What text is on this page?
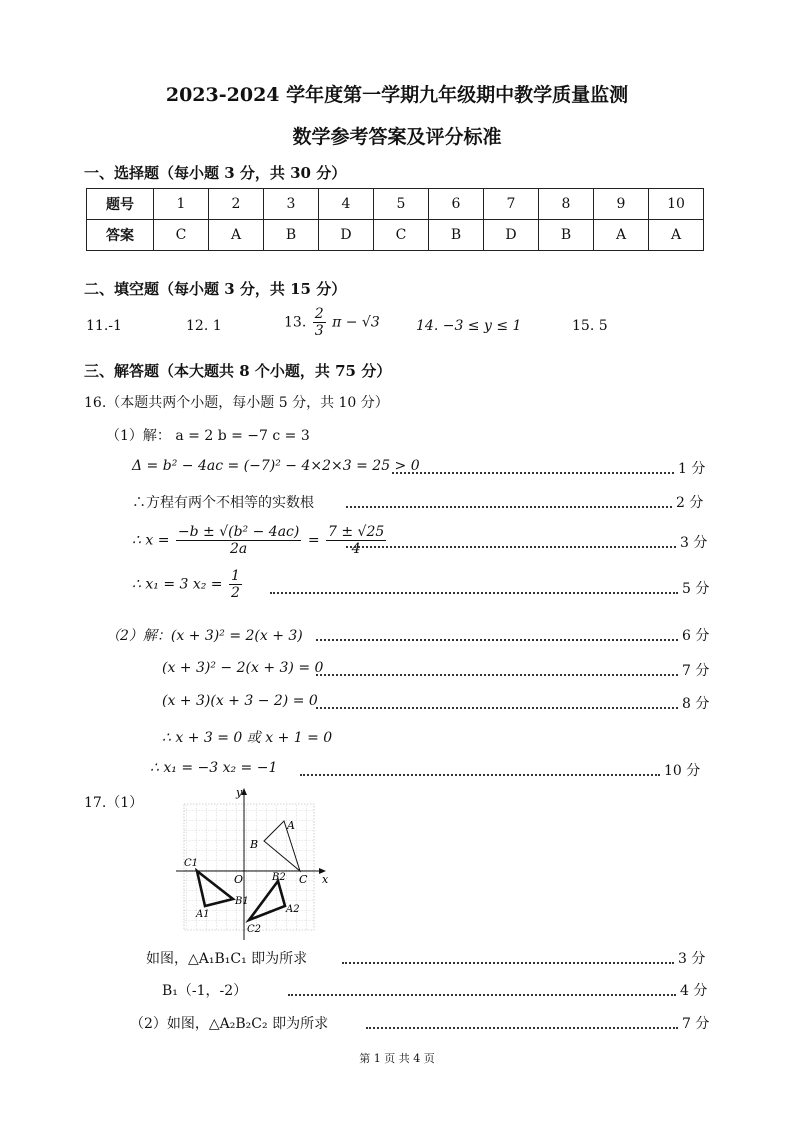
2023-2024 学年度第一学期九年级期中教学质量监测
数学参考答案及评分标准
一、选择题（每小题 3 分，共 30 分）
题号	1	2	3	4	5	6	7	8	9	10
答案	C	A	B	D	C	B	D	B	A	A
二、填空题（每小题 3 分，共 15 分）
11.-1	12. 1	13. $\frac{2}{3}$ π − √3	14. −3 ≤ y ≤ 1	15. 5
三、解答题（本大题共 8 个小题，共 75 分）
16.（本题共两个小题，每小题 5 分，共 10 分）
（1）解： a = 2 b = −7 c = 3
Δ = b² − 4ac = (−7)² − 4×2×3 = 25 > 0	1 分
∴方程有两个不相等的实数根	2 分
∴ $x = \frac{\text{−b ± √(b² − 4ac)}}{2a} = \frac{7 \pm √25}{4}$	3 分
∴ x₁ = 3 $x_2 = \frac{1}{2}$	5 分
（2）解：(x + 3)² = 2(x + 3)	6 分
(x + 3)² − 2(x + 3) = 0	7 分
(x + 3)(x + 3 − 2) = 0	8 分
∴ x + 3 = 0 或 x + 1 = 0
∴ x₁ = −3 x₂ = −1	10 分
17.（1）
y
x
O
A
B
C
A1
B1
C1
A2
B2
C2
如图，△A₁B₁C₁ 即为所求	3 分
B₁（-1，-2）	4 分
（2）如图，△A₂B₂C₂ 即为所求	7 分
第 1 页 共 4 页
